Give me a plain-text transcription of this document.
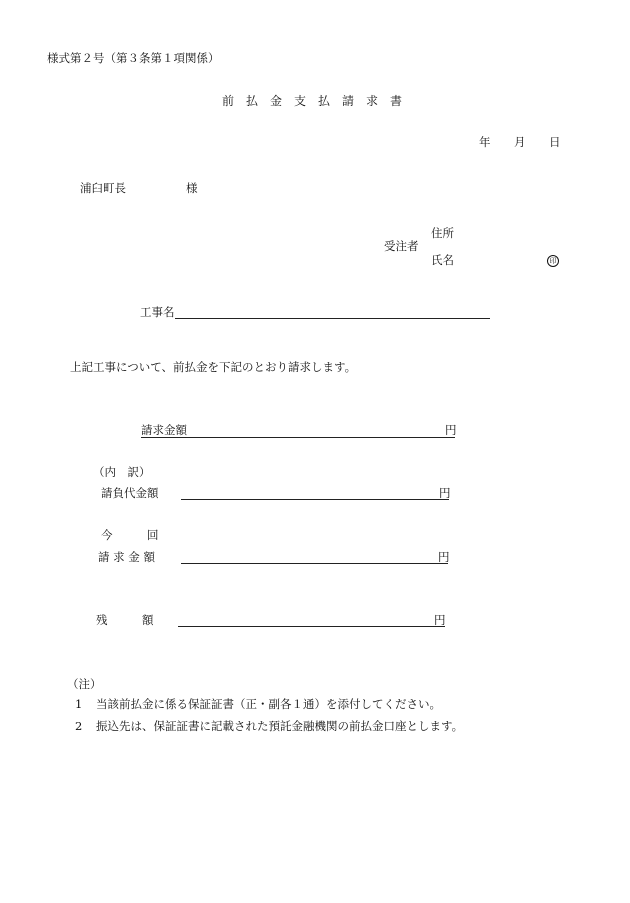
様式第２号（第３条第１項関係）
前　払　金　支　払　請　求　書
年 月 日
浦臼町長	様
住所
受注者
氏名	印
工事名
上記工事について、前払金を下記のとおり請求します。
請求金額	円
（内　訳）
請負代金額	円
今　　　回
請 求 金 額	円
残　　　額	円
（注）
1 当該前払金に係る保証証書（正・副各１通）を添付してください。
2 振込先は、保証証書に記載された預託金融機関の前払金口座とします。
